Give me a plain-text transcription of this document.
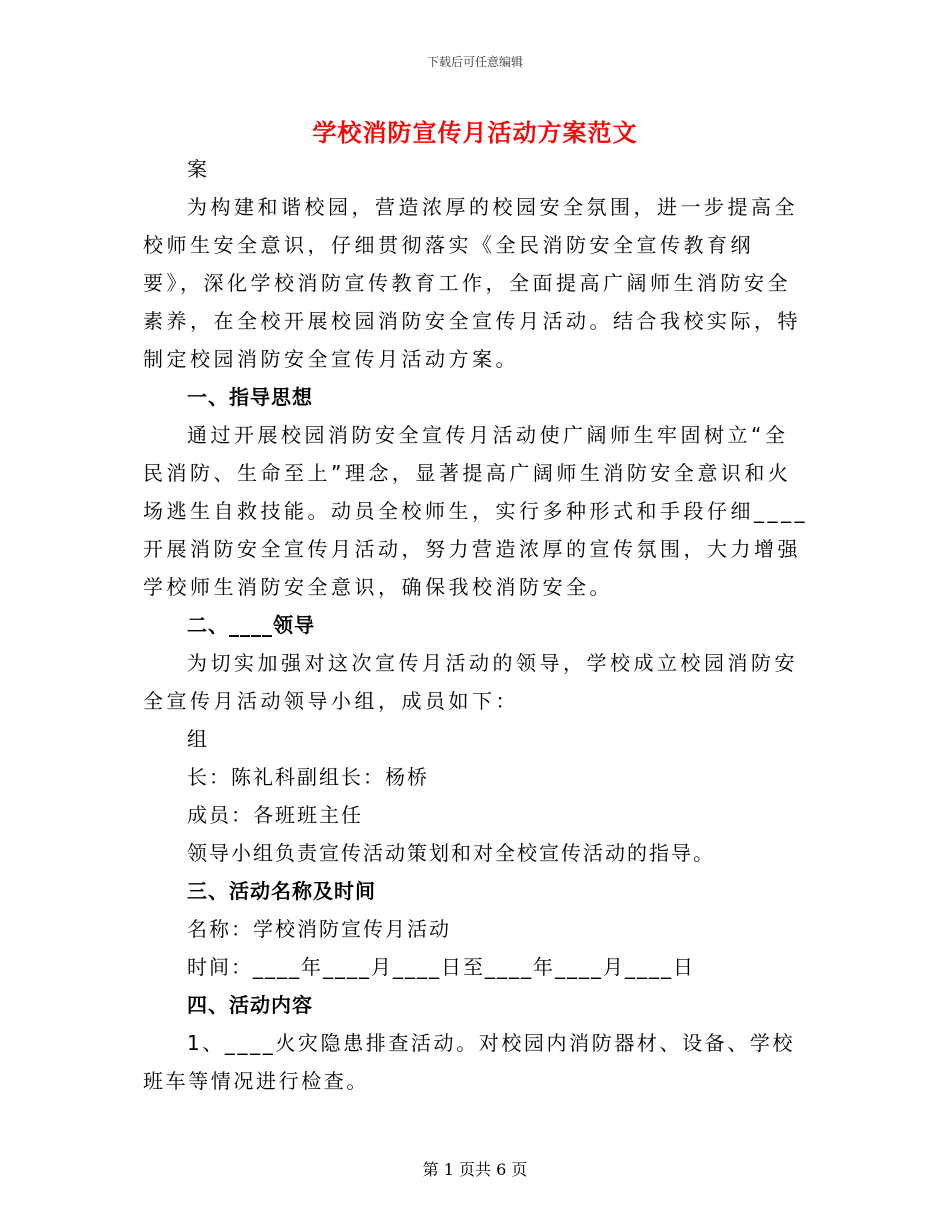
下载后可任意编辑
学校消防宣传月活动方案范文

案

为构建和谐校园，营造浓厚的校园安全氛围，进一步提高全校师生安全意识，仔细贯彻落实《全民消防安全宣传教育纲要》，深化学校消防宣传教育工作，全面提高广阔师生消防安全素养，在全校开展校园消防安全宣传月活动。结合我校实际，特制定校园消防安全宣传月活动方案。

一、指导思想

通过开展校园消防安全宣传月活动使广阔师生牢固树立“全民消防、生命至上”理念，显著提高广阔师生消防安全意识和火场逃生自救技能。动员全校师生，实行多种形式和手段仔细____开展消防安全宣传月活动，努力营造浓厚的宣传氛围，大力增强学校师生消防安全意识，确保我校消防安全。

二、____领导

为切实加强对这次宣传月活动的领导，学校成立校园消防安全宣传月活动领导小组，成员如下：

组

长：陈礼科副组长：杨桥

成员：各班班主任

领导小组负责宣传活动策划和对全校宣传活动的指导。

三、活动名称及时间

名称：学校消防宣传月活动

时间：____年____月____日至____年____月____日

四、活动内容

1、____火灾隐患排查活动。对校园内消防器材、设备、学校班车等情况进行检查。

第 1 页共 6 页
